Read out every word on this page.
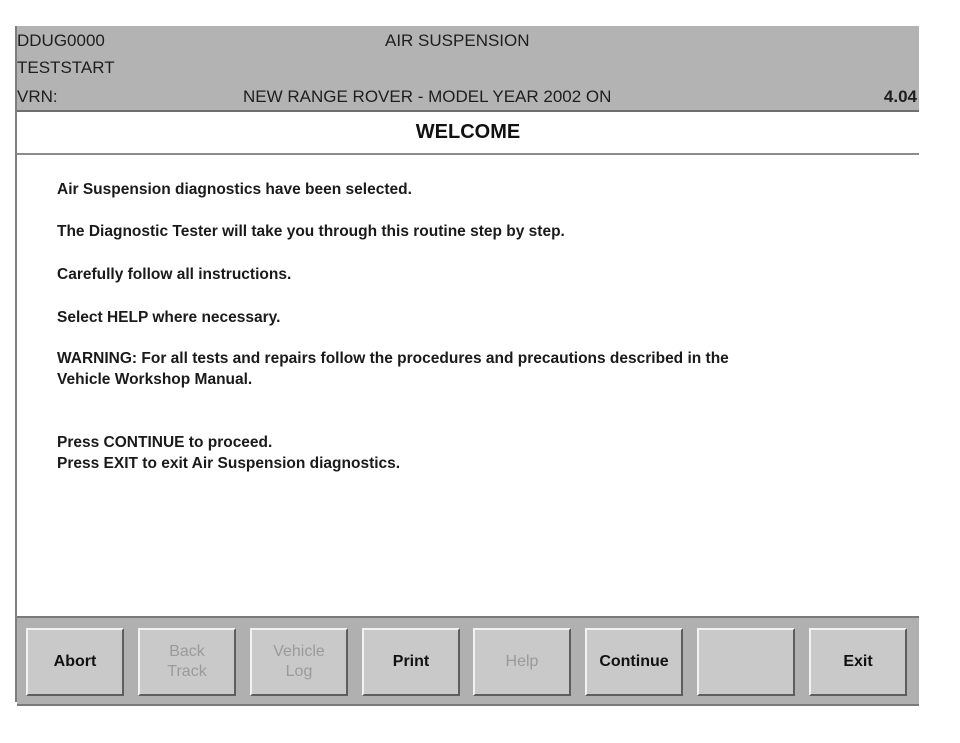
DDUG0000	AIR SUSPENSION
TESTSTART
VRN:	NEW RANGE ROVER - MODEL YEAR 2002 ON	4.04
WELCOME

Air Suspension diagnostics have been selected.

The Diagnostic Tester will take you through this routine step by step.

Carefully follow all instructions.

Select HELP where necessary.

WARNING: For all tests and repairs follow the procedures and precautions described in the

Vehicle Workshop Manual.

Press CONTINUE to proceed.

Press EXIT to exit Air Suspension diagnostics.

Abort
Back
Track
Vehicle
Log
Print	Help	Continue	Exit
